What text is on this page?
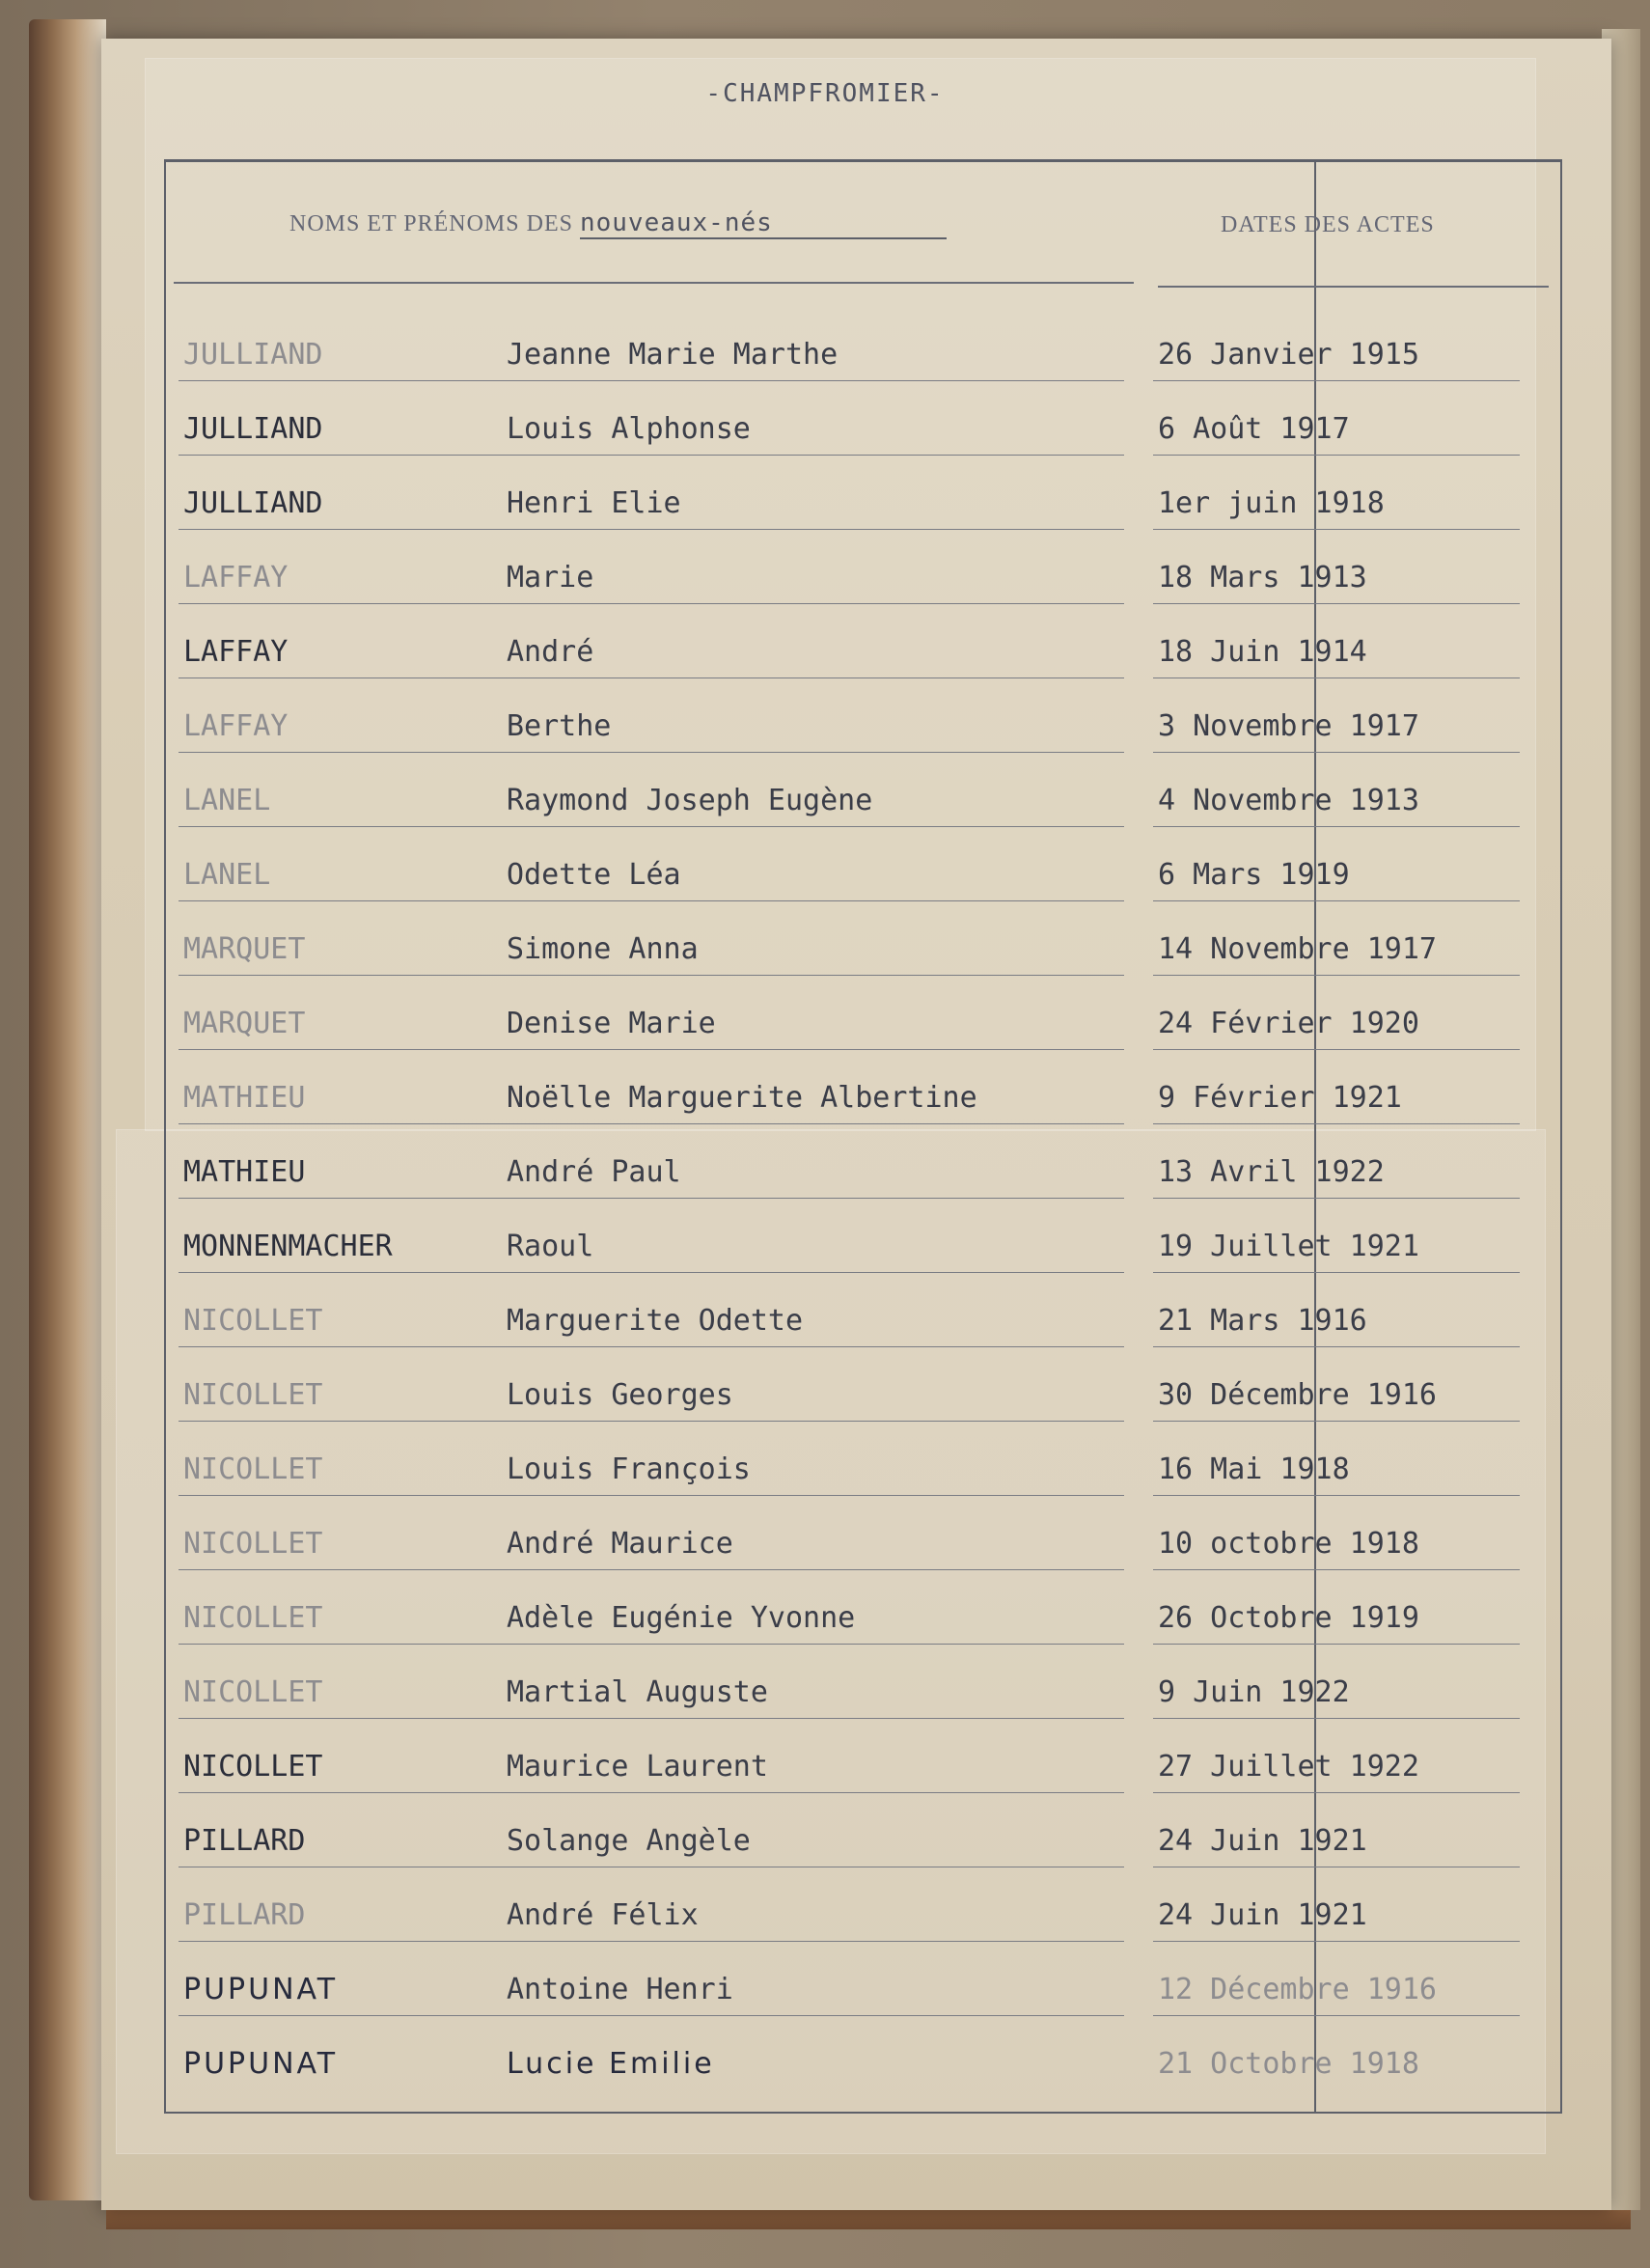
-CHAMPFROMIER-
NOMS ET PRÉNOMS DES nouveaux-nés	DATES DES ACTES
JULLIAND	Jeanne Marie Marthe	26 Janvier 1915
JULLIAND	Louis Alphonse	6 Août 1917
JULLIAND	Henri Elie	1er juin 1918
LAFFAY	Marie	18 Mars 1913
LAFFAY	André	18 Juin 1914
LAFFAY	Berthe	3 Novembre 1917
LANEL	Raymond Joseph Eugène	4 Novembre 1913
LANEL	Odette Léa	6 Mars 1919
MARQUET	Simone Anna	14 Novembre 1917
MARQUET	Denise Marie	24 Février 1920
MATHIEU	Noëlle Marguerite Albertine	9 Février 1921
MATHIEU	André Paul	13 Avril 1922
MONNENMACHER	Raoul	19 Juillet 1921
NICOLLET	Marguerite Odette	21 Mars 1916
NICOLLET	Louis Georges	30 Décembre 1916
NICOLLET	Louis François	16 Mai 1918
NICOLLET	André Maurice	10 octobre 1918
NICOLLET	Adèle Eugénie Yvonne	26 Octobre 1919
NICOLLET	Martial Auguste	9 Juin 1922
NICOLLET	Maurice Laurent	27 Juillet 1922
PILLARD	Solange Angèle	24 Juin 1921
PILLARD	André Félix	24 Juin 1921
PUPUNAT	Antoine Henri	12 Décembre 1916
PUPUNAT	Lucie Emilie	21 Octobre 1918
